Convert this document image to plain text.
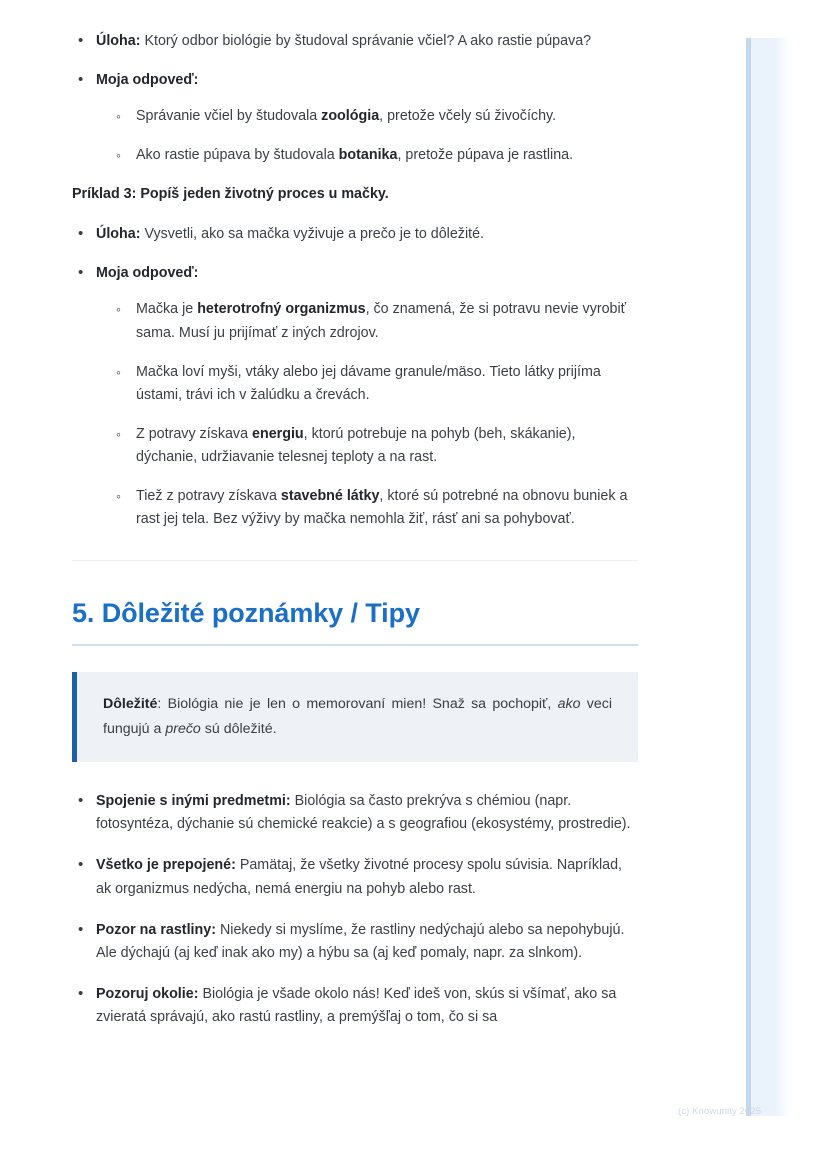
• Úloha: Ktorý odbor biológie by študoval správanie včiel? A ako rastie púpava?
• Moja odpoveď:
◦ Správanie včiel by študovala zoológia, pretože včely sú živočíchy.
◦ Ako rastie púpava by študovala botanika, pretože púpava je rastlina.
Príklad 3: Popíš jeden životný proces u mačky.
• Úloha: Vysvetli, ako sa mačka vyživuje a prečo je to dôležité.
• Moja odpoveď:
◦ Mačka je heterotrofný organizmus, čo znamená, že si potravu nevie vyrobiť sama. Musí ju prijímať z iných zdrojov.
◦ Mačka loví myši, vtáky alebo jej dávame granule/mäso. Tieto látky prijíma ústami, trávi ich v žalúdku a črevách.
◦ Z potravy získava energiu, ktorú potrebuje na pohyb (beh, skákanie), dýchanie, udržiavanie telesnej teploty a na rast.
◦ Tiež z potravy získava stavebné látky, ktoré sú potrebné na obnovu buniek a rast jej tela. Bez výživy by mačka nemohla žiť, rásť ani sa pohybovať.
5. Dôležité poznámky / Tipy

Dôležité: Biológia nie je len o memorovaní mien! Snaž sa pochopiť, ako veci fungujú a prečo sú dôležité.

• Spojenie s inými predmetmi: Biológia sa často prekrýva s chémiou (napr. fotosyntéza, dýchanie sú chemické reakcie) a s geografiou (ekosystémy, prostredie).
• Všetko je prepojené: Pamätaj, že všetky životné procesy spolu súvisia. Napríklad, ak organizmus nedýcha, nemá energiu na pohyb alebo rast.
• Pozor na rastliny: Niekedy si myslíme, že rastliny nedýchajú alebo sa nepohybujú. Ale dýchajú (aj keď inak ako my) a hýbu sa (aj keď pomaly, napr. za slnkom).
• Pozoruj okolie: Biológia je všade okolo nás! Keď ideš von, skús si všímať, ako sa zvieratá správajú, ako rastú rastliny, a premýšľaj o tom, čo si sa
(c) Knowunity 2025
